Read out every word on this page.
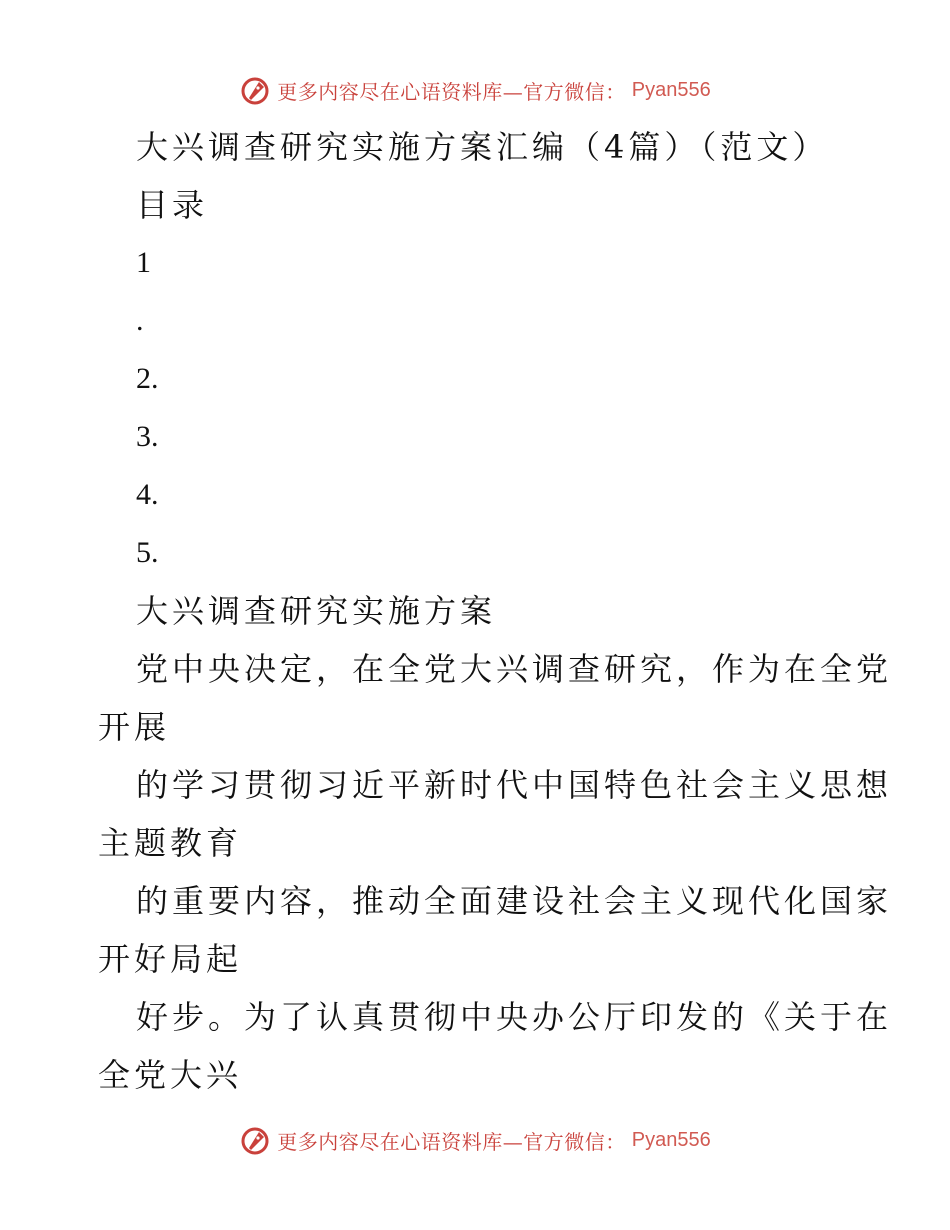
更多内容尽在心语资料库—官方微信： Pyan556
大兴调查研究实施方案汇编（4篇）（范文）
目录
1
.
2.
3.
4.
5.
大兴调查研究实施方案
党中央决定，在全党大兴调查研究，作为在全党
开展
的学习贯彻习近平新时代中国特色社会主义思想
主题教育
的重要内容，推动全面建设社会主义现代化国家
开好局起
好步。为了认真贯彻中央办公厅印发的《关于在
全党大兴
更多内容尽在心语资料库—官方微信： Pyan556
